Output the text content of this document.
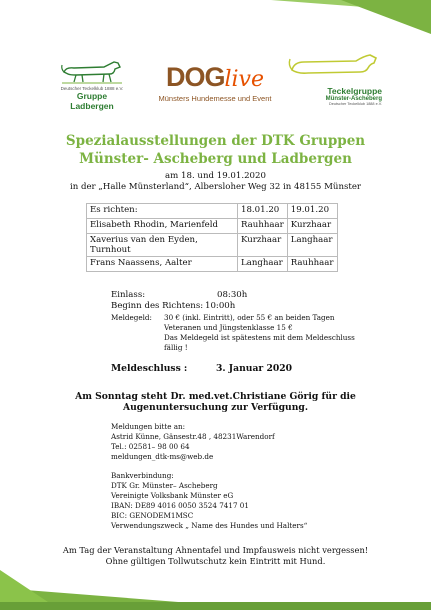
Deutscher Teckelklub 1888 e.V.
Gruppe Ladbergen
DOGlive
Münsters Hundemesse und Event
Teckelgruppe
Münster-Ascheberg
Deutscher Teckelklub 1888 e.V.
Spezialausstellungen der DTK Gruppen
Münster- Ascheberg und Ladbergen
am 18. und 19.01.2020
in der „Halle Münsterland“, Albersloher Weg 32 in 48155 Münster
Es richten:	18.01.20	19.01.20
Elisabeth Rhodin, Marienfeld	Rauhhaar	Kurzhaar
Xaverius van den Eyden, Turnhout	Kurzhaar	Langhaar
Frans Naassens, Aalter	Langhaar	Rauhhaar
Einlass:	08:30h
Beginn des Richtens: 10:00h
Meldegeld: 30 € (inkl. Eintritt), oder 55 € an beiden Tagen
Veteranen und Jüngstenklasse 15 €
Das Meldegeld ist spätestens mit dem Meldeschluss
fällig !
Meldeschluss :	3. Januar 2020
Am Sonntag steht Dr. med.vet.Christiane Görig für die
Augenuntersuchung zur Verfügung.
Meldungen bitte an:
Astrid Künne, Gänsestr.48 , 48231Warendorf
Tel.: 02581– 98 00 64
meldungen_dtk-ms@web.de
Bankverbindung:
DTK Gr. Münster– Ascheberg
Vereinigte Volksbank Münster eG
IBAN: DE89 4016 0050 3524 7417 01
BIC: GENODEM1MSC
Verwendungszweck „ Name des Hundes und Halters“
Am Tag der Veranstaltung Ahnentafel und Impfausweis nicht vergessen!
Ohne gültigen Tollwutschutz kein Eintritt mit Hund.
